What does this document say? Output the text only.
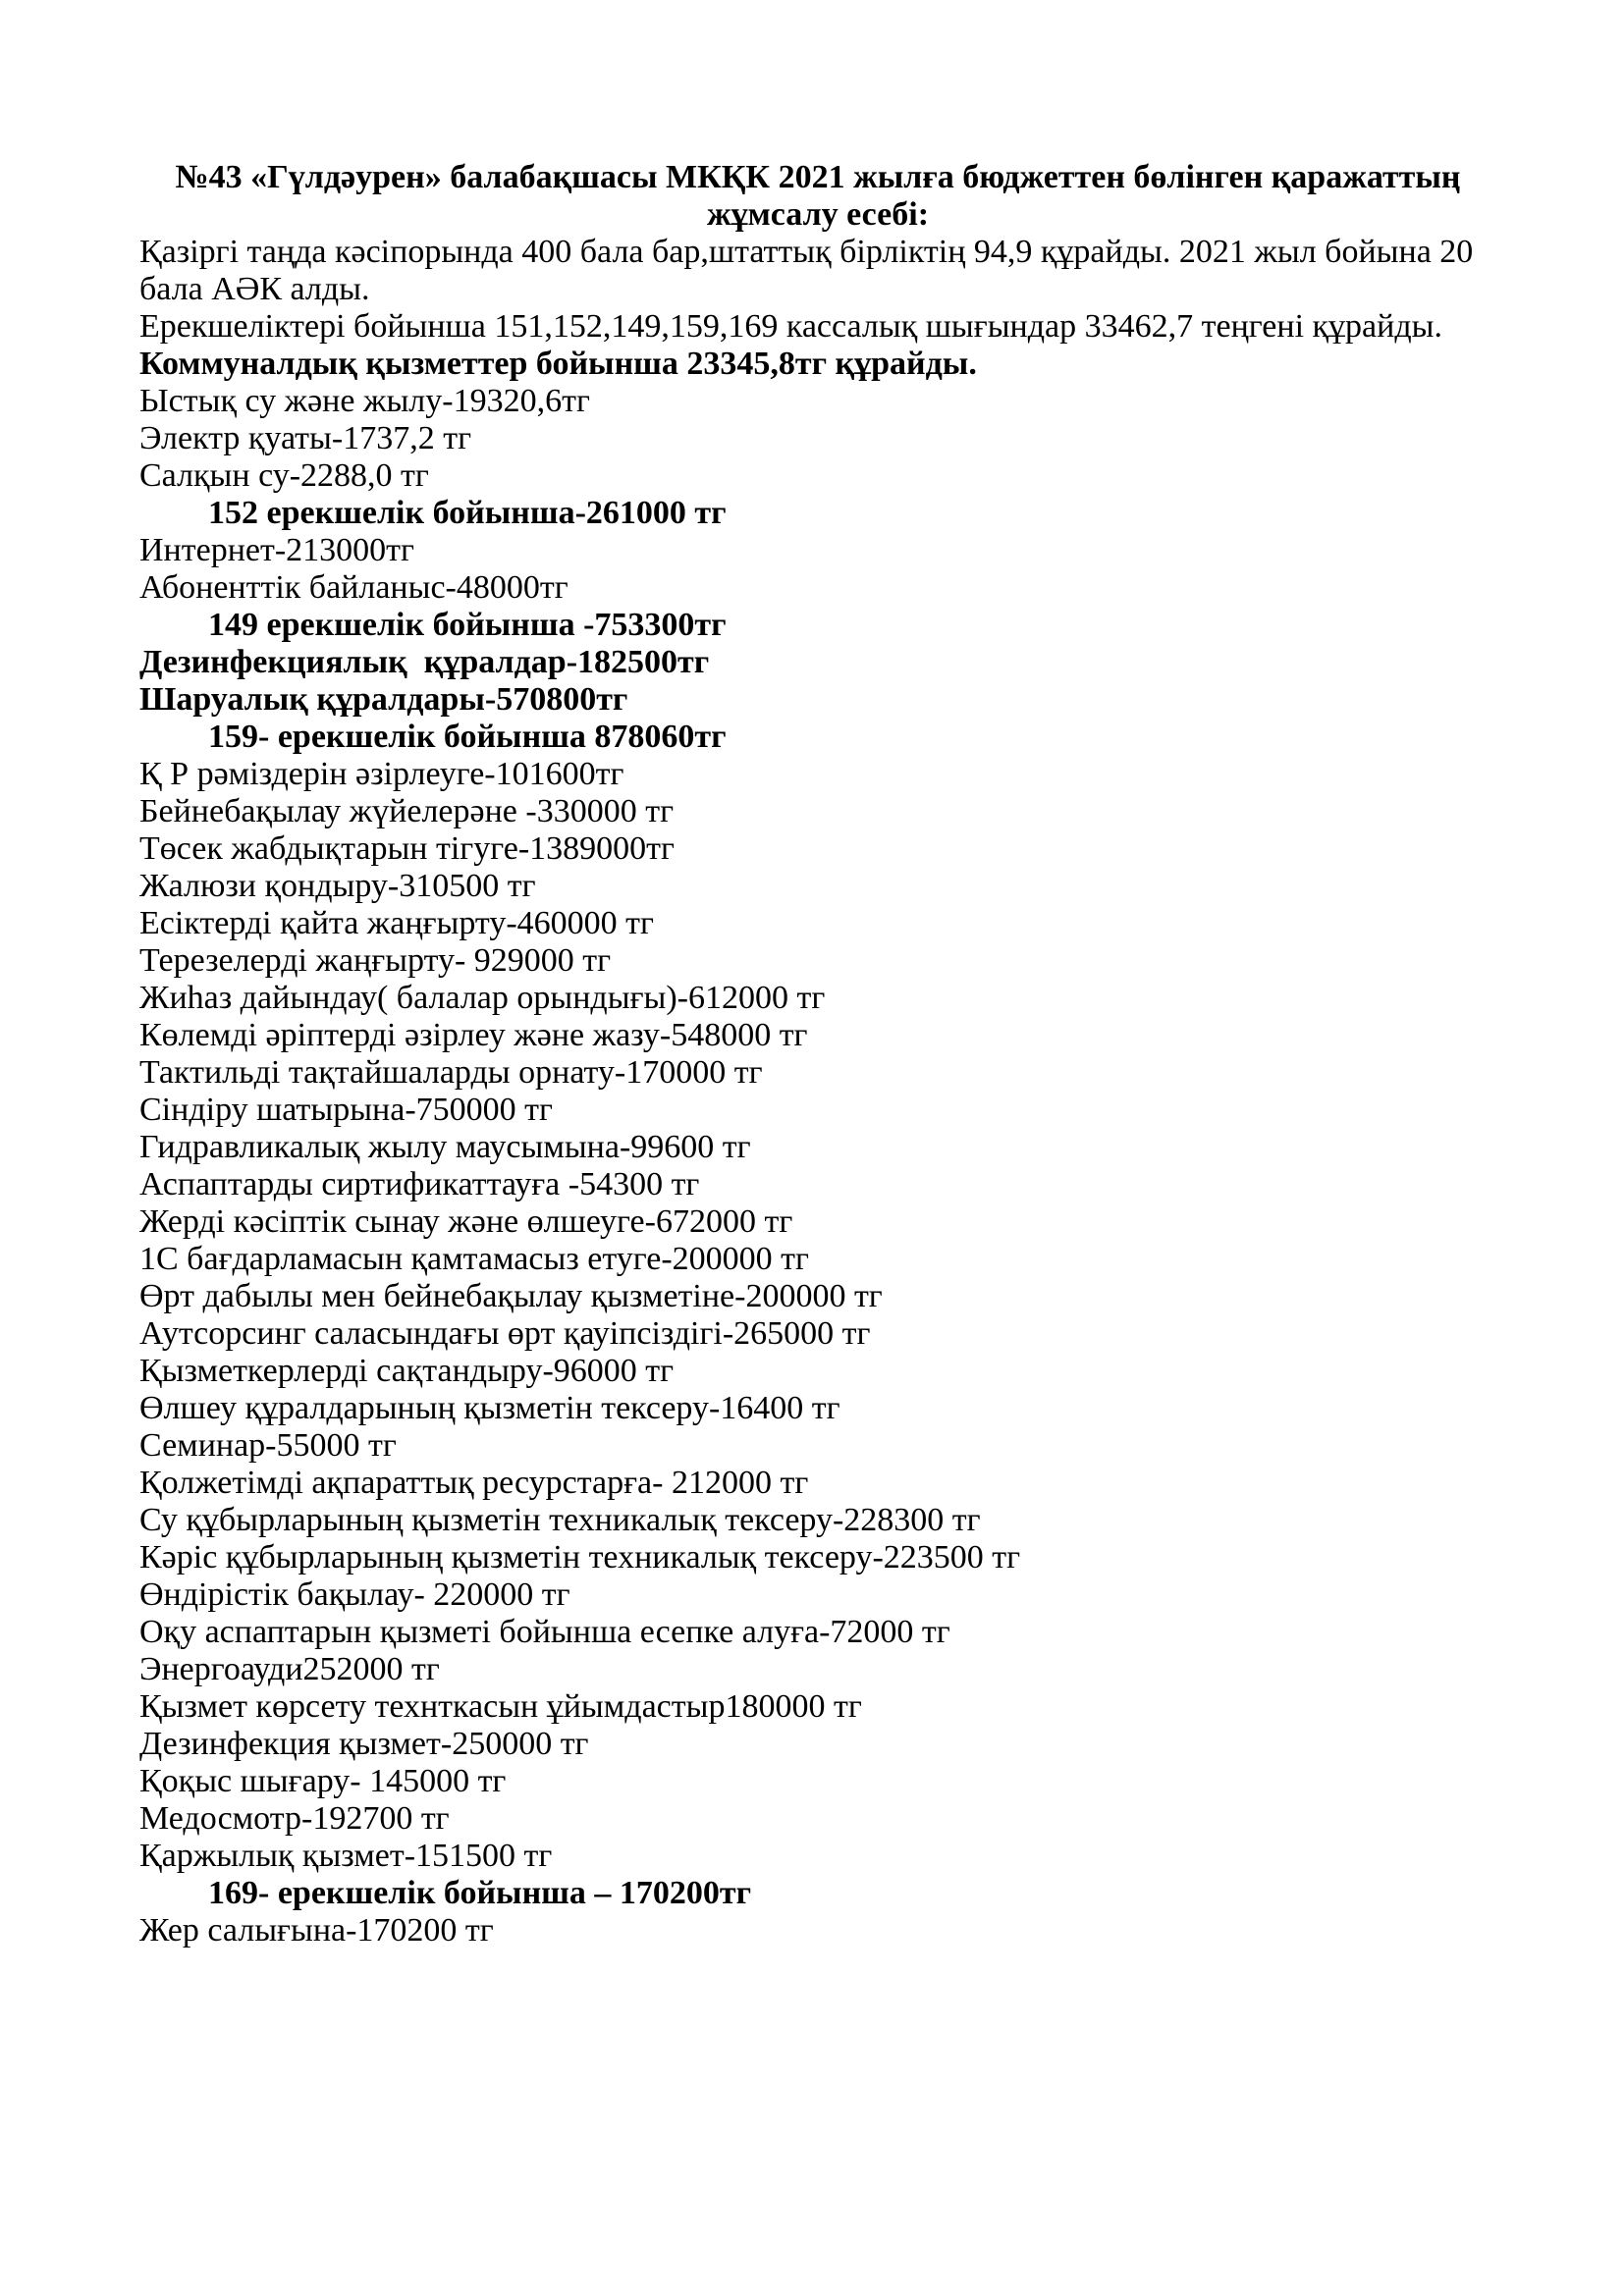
№43 «Гүлдәурен» балабақшасы МКҚК 2021 жылға бюджеттен бөлінген қаражаттың
жұмсалу есебі:
Қазіргі таңда кәсіпорында 400 бала бар,штаттық бірліктің 94,9 құрайды. 2021 жыл бойына 20 бала АӘК алды.
Ерекшеліктері бойынша 151,152,149,159,169 кассалық шығындар 33462,7 теңгені құрайды.
Коммуналдық қызметтер бойынша 23345,8тг құрайды.
Ыстық су және жылу-19320,6тг
Электр қуаты-1737,2 тг
Салқын су-2288,0 тг
152 ерекшелік бойынша-261000 тг
Интернет-213000тг
Абоненттік байланыс-48000тг
149 ерекшелік бойынша -753300тг
Дезинфекциялық  құралдар-182500тг
Шаруалық құралдары-570800тг
159- ерекшелік бойынша 878060тг
Қ Р рәміздерін әзірлеуге-101600тг
Бейнебақылау жүйелерәне -330000 тг
Төсек жабдықтарын тігуге-1389000тг
Жалюзи қондыру-310500 тг
Есіктерді қайта жаңғырту-460000 тг
Терезелерді жаңғырту- 929000 тг
Жиһаз дайындау( балалар орындығы)-612000 тг
Көлемді әріптерді әзірлеу және жазу-548000 тг
Тактильді тақтайшаларды орнату-170000 тг
Сіндіру шатырына-750000 тг
Гидравликалық жылу маусымына-99600 тг
Аспаптарды сиртификаттауға -54300 тг
Жерді кәсіптік сынау және өлшеуге-672000 тг
1С бағдарламасын қамтамасыз етуге-200000 тг
Өрт дабылы мен бейнебақылау қызметіне-200000 тг
Аутсорсинг саласындағы өрт қауіпсіздігі-265000 тг
Қызметкерлерді сақтандыру-96000 тг
Өлшеу құралдарының қызметін тексеру-16400 тг
Семинар-55000 тг
Қолжетімді ақпараттық ресурстарға- 212000 тг
Су құбырларының қызметін техникалық тексеру-228300 тг
Кәріс құбырларының қызметін техникалық тексеру-223500 тг
Өндірістік бақылау- 220000 тг
Оқу аспаптарын қызметі бойынша есепке алуға-72000 тг
Энергоауди252000 тг
Қызмет көрсету технткасын ұйымдастыр180000 тг
Дезинфекция қызмет-250000 тг
Қоқыс шығару- 145000 тг
Медосмотр-192700 тг
Қаржылық қызмет-151500 тг
169- ерекшелік бойынша – 170200тг
Жер салығына-170200 тг
